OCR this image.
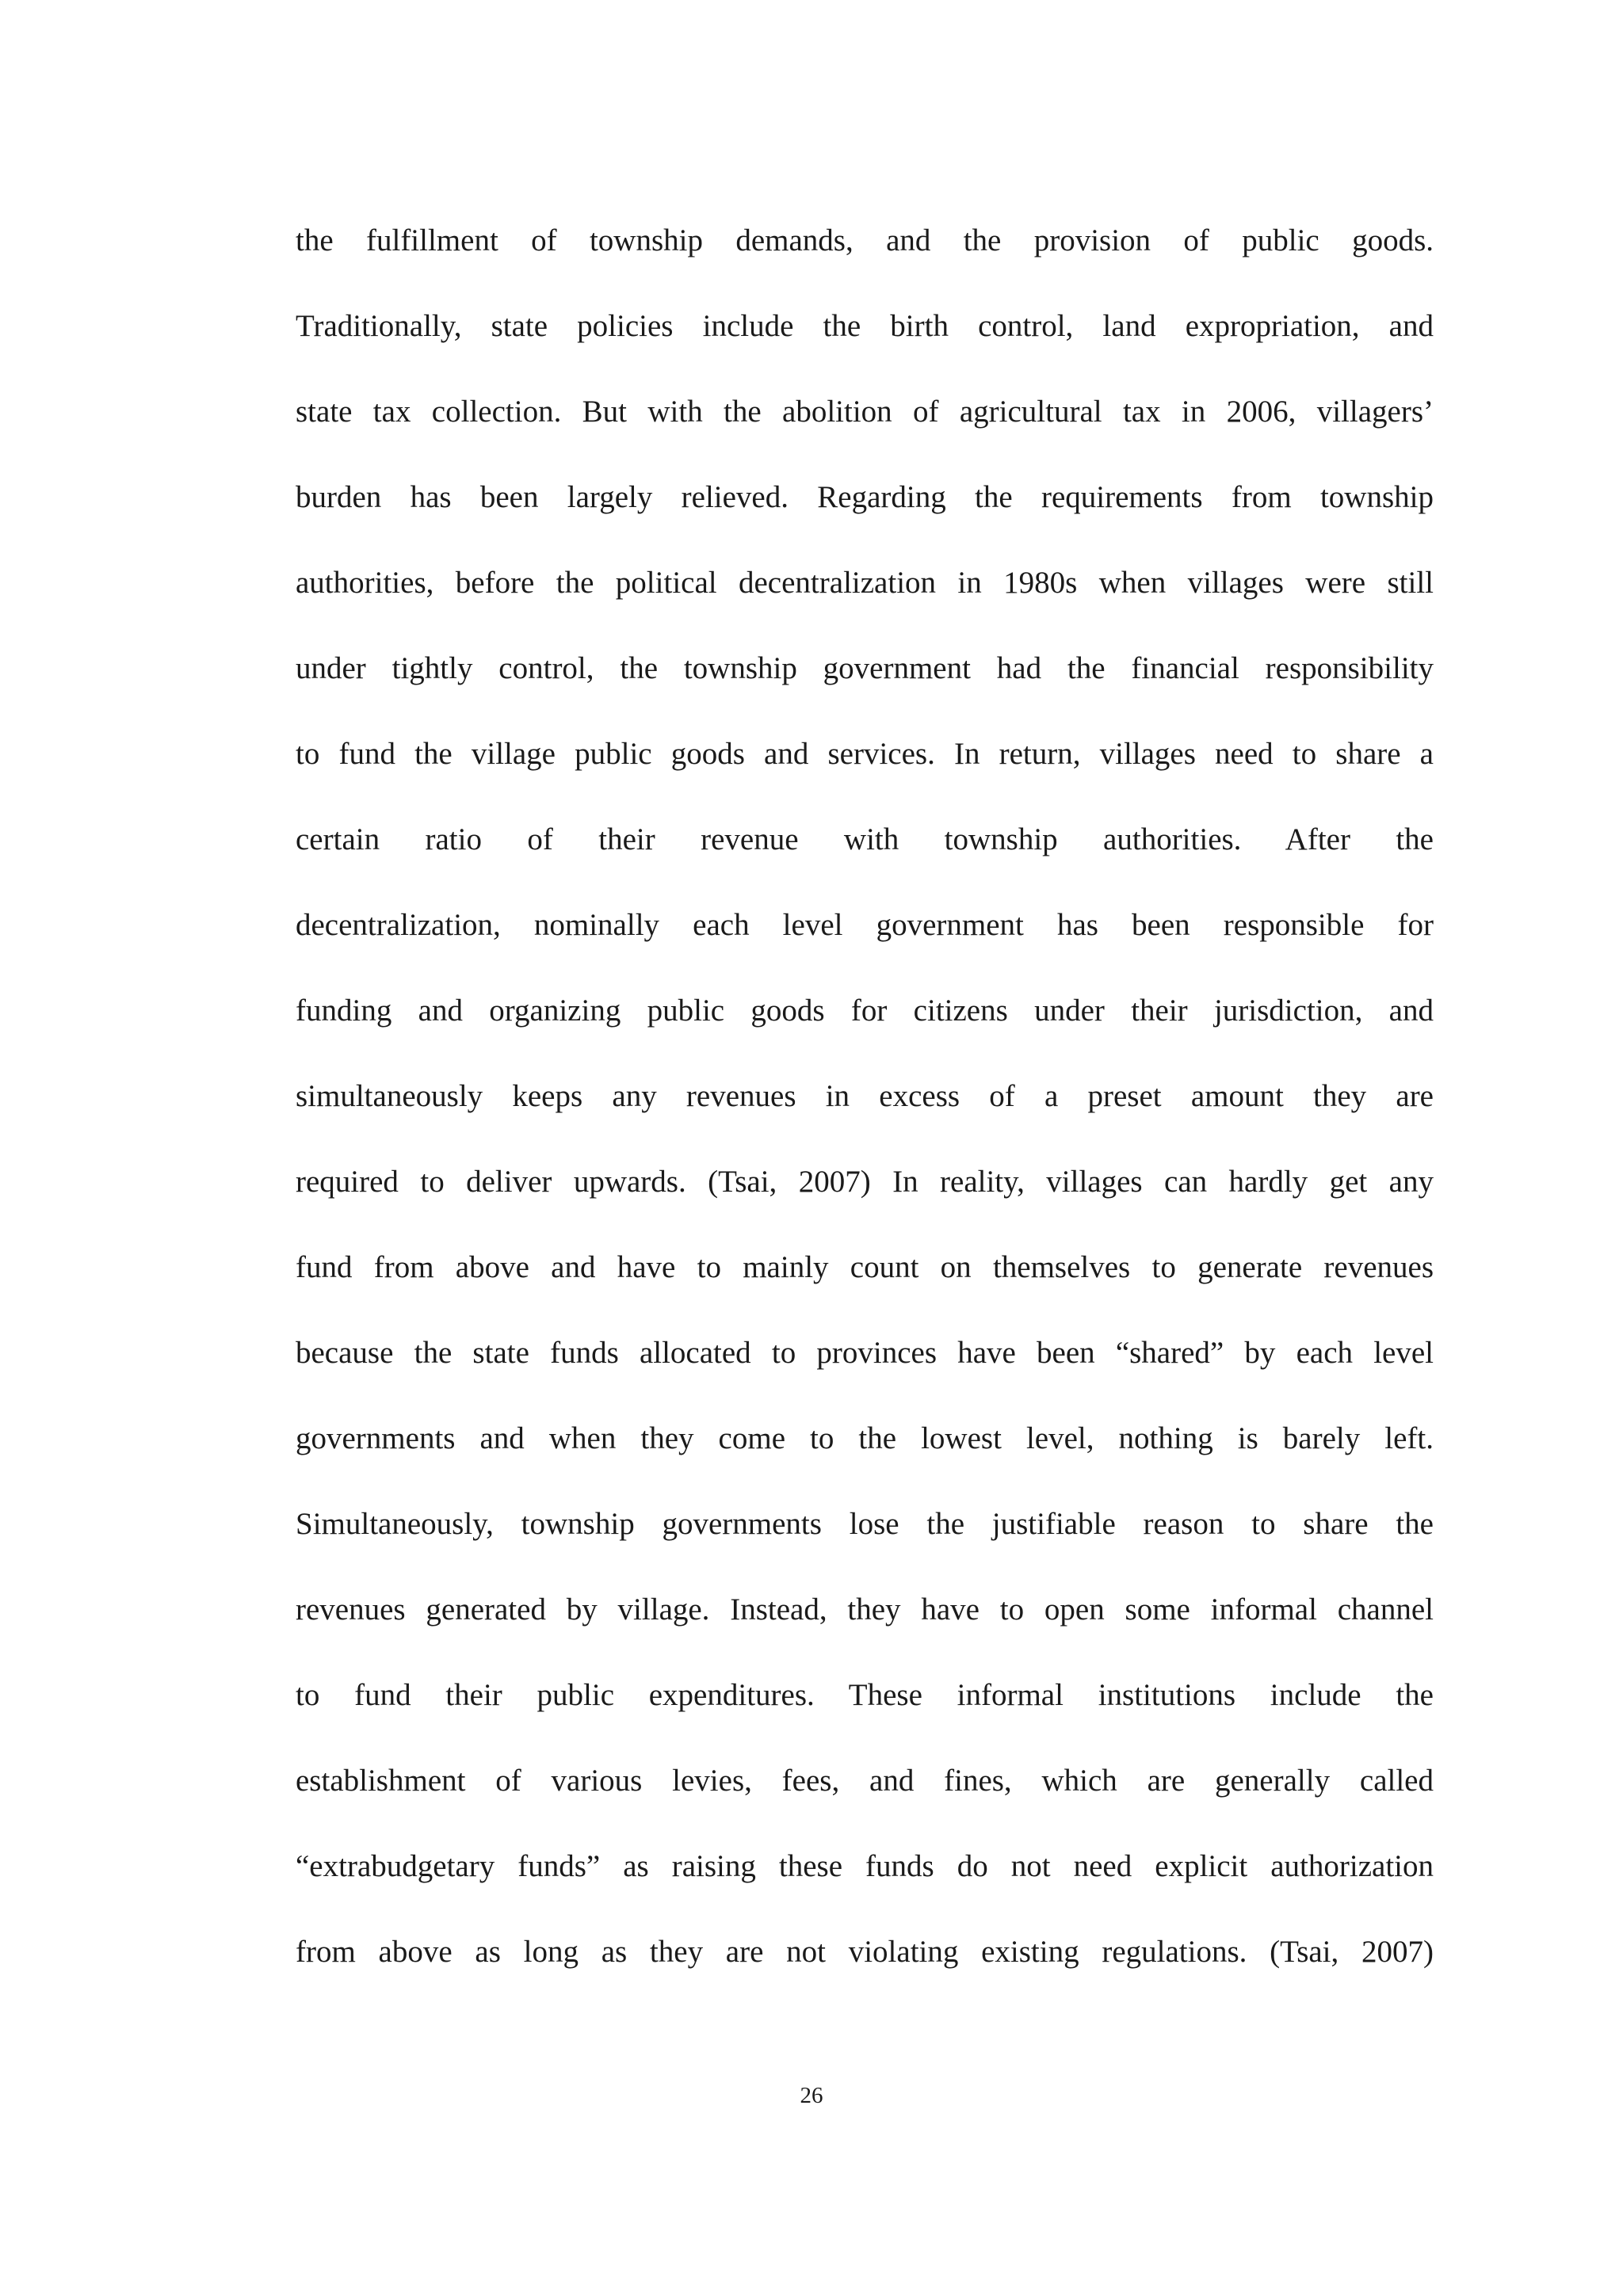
the fulfillment of township demands, and the provision of public goods.
Traditionally, state policies include the birth control, land expropriation, and
state tax collection. But with the abolition of agricultural tax in 2006, villagers’
burden has been largely relieved. Regarding the requirements from township
authorities, before the political decentralization in 1980s when villages were still
under tightly control, the township government had the financial responsibility
to fund the village public goods and services. In return, villages need to share a
certain ratio of their revenue with township authorities. After the
decentralization, nominally each level government has been responsible for
funding and organizing public goods for citizens under their jurisdiction, and
simultaneously keeps any revenues in excess of a preset amount they are
required to deliver upwards. (Tsai, 2007) In reality, villages can hardly get any
fund from above and have to mainly count on themselves to generate revenues
because the state funds allocated to provinces have been “shared” by each level
governments and when they come to the lowest level, nothing is barely left.
Simultaneously, township governments lose the justifiable reason to share the
revenues generated by village. Instead, they have to open some informal channel
to fund their public expenditures. These informal institutions include the
establishment of various levies, fees, and fines, which are generally called
“extrabudgetary funds” as raising these funds do not need explicit authorization
from above as long as they are not violating existing regulations. (Tsai, 2007)
26
